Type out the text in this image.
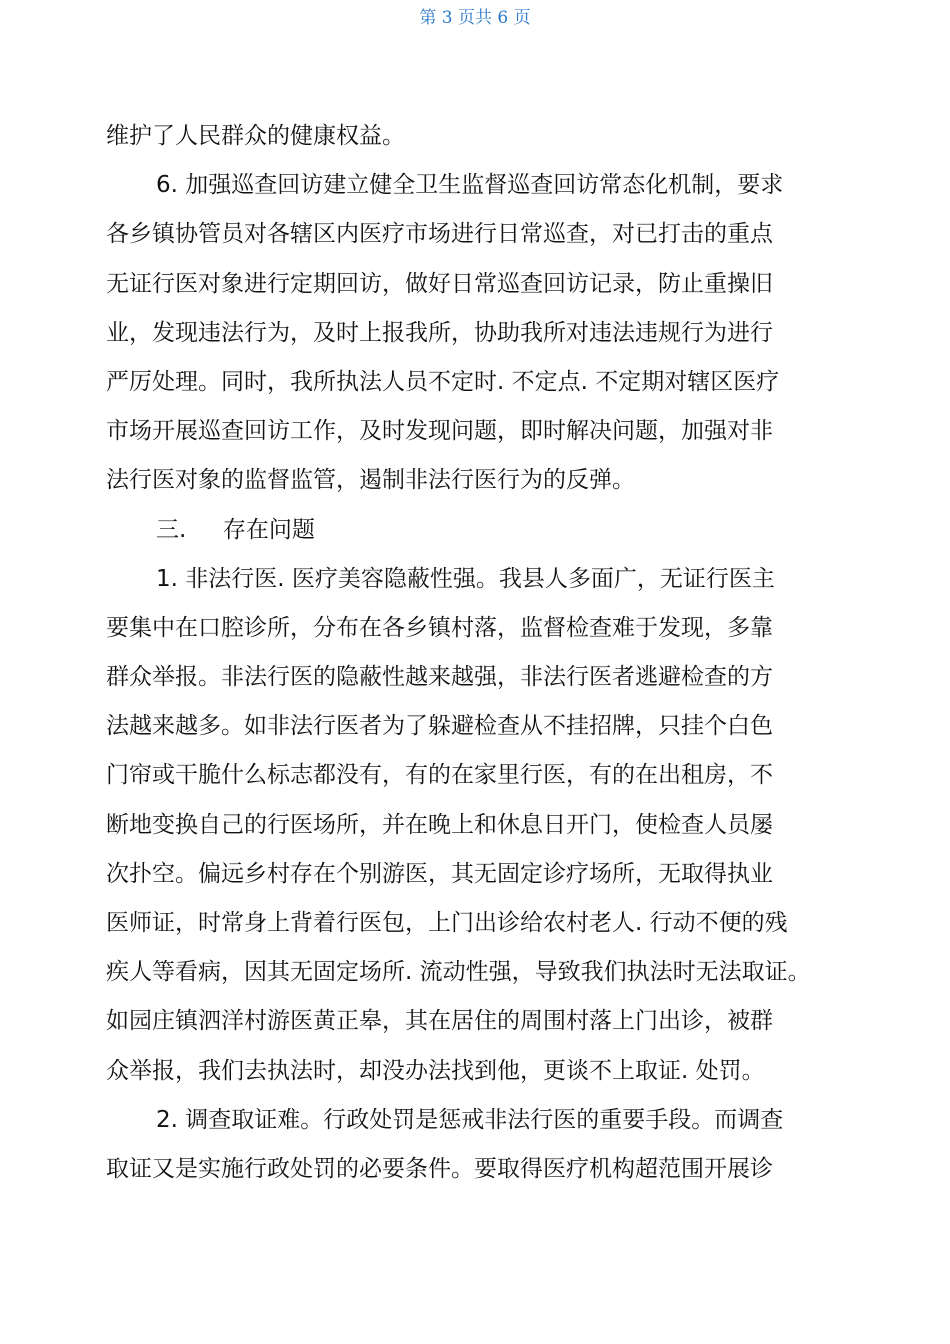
第 3 页共 6 页
维护了人民群众的健康权益。
6. 加强巡查回访建立健全卫生监督巡查回访常态化机制，要求
各乡镇协管员对各辖区内医疗市场进行日常巡查，对已打击的重点
无证行医对象进行定期回访，做好日常巡查回访记录，防止重操旧
业，发现违法行为，及时上报我所，协助我所对违法违规行为进行
严厉处理。同时，我所执法人员不定时. 不定点. 不定期对辖区医疗
市场开展巡查回访工作，及时发现问题，即时解决问题，加强对非
法行医对象的监督监管，遏制非法行医行为的反弹。
三.     存在问题
1. 非法行医. 医疗美容隐蔽性强。我县人多面广，无证行医主
要集中在口腔诊所，分布在各乡镇村落，监督检查难于发现，多靠
群众举报。非法行医的隐蔽性越来越强，非法行医者逃避检查的方
法越来越多。如非法行医者为了躲避检查从不挂招牌，只挂个白色
门帘或干脆什么标志都没有，有的在家里行医，有的在出租房，不
断地变换自己的行医场所，并在晚上和休息日开门，使检查人员屡
次扑空。偏远乡村存在个别游医，其无固定诊疗场所，无取得执业
医师证，时常身上背着行医包，上门出诊给农村老人. 行动不便的残
疾人等看病，因其无固定场所. 流动性强，导致我们执法时无法取证。
如园庄镇泗洋村游医黄正皋，其在居住的周围村落上门出诊，被群
众举报，我们去执法时，却没办法找到他，更谈不上取证. 处罚。
2. 调查取证难。行政处罚是惩戒非法行医的重要手段。而调查
取证又是实施行政处罚的必要条件。要取得医疗机构超范围开展诊
